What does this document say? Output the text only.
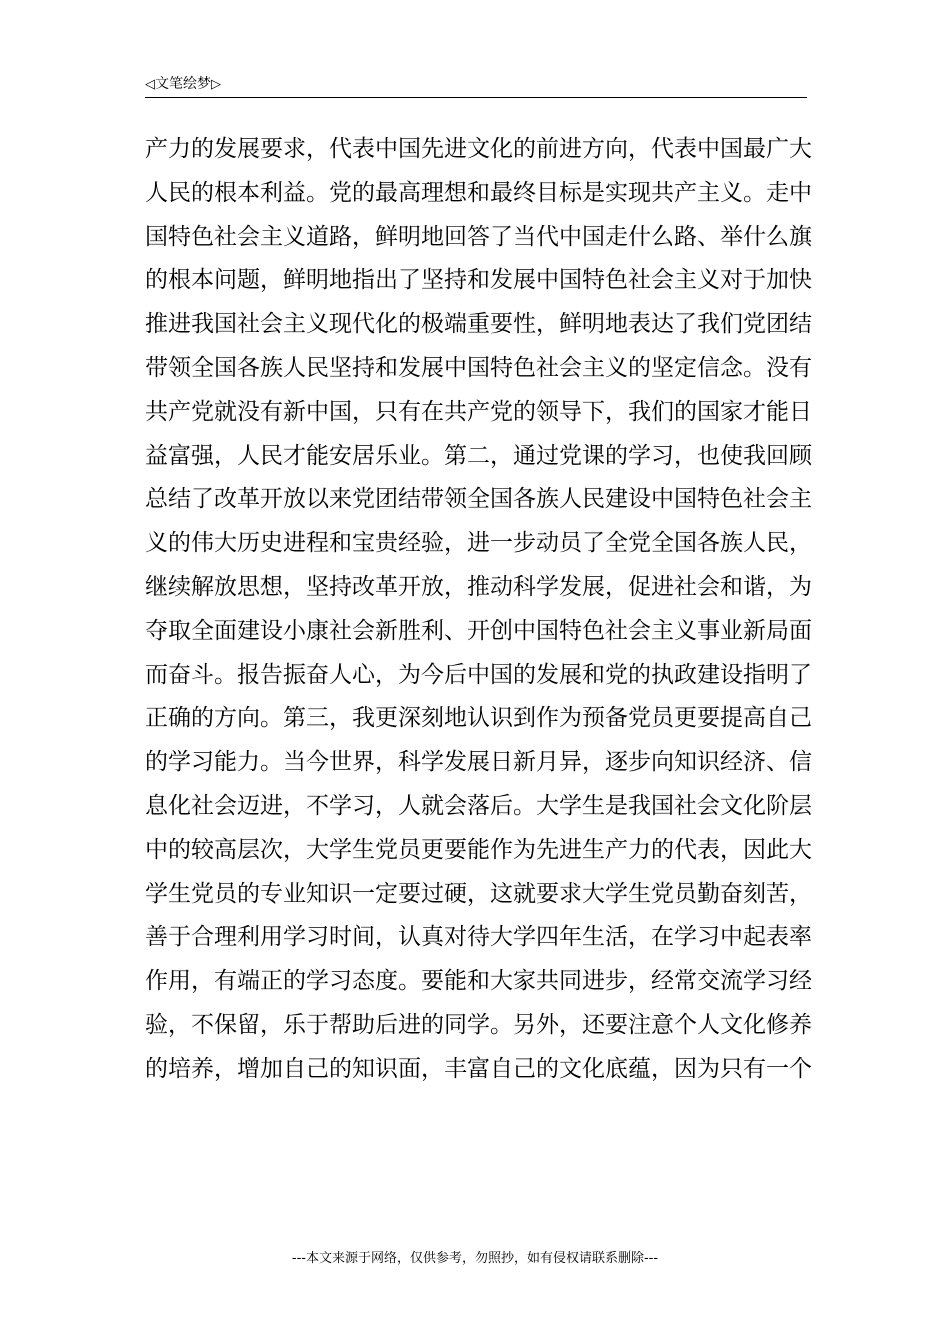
◁文笔绘梦▷
产力的发展要求，代表中国先进文化的前进方向，代表中国最广大
人民的根本利益。党的最高理想和最终目标是实现共产主义。走中
国特色社会主义道路，鲜明地回答了当代中国走什么路、举什么旗
的根本问题，鲜明地指出了坚持和发展中国特色社会主义对于加快
推进我国社会主义现代化的极端重要性，鲜明地表达了我们党团结
带领全国各族人民坚持和发展中国特色社会主义的坚定信念。没有
共产党就没有新中国，只有在共产党的领导下，我们的国家才能日
益富强，人民才能安居乐业。第二，通过党课的学习，也使我回顾
总结了改革开放以来党团结带领全国各族人民建设中国特色社会主
义的伟大历史进程和宝贵经验，进一步动员了全党全国各族人民，
继续解放思想，坚持改革开放，推动科学发展，促进社会和谐，为
夺取全面建设小康社会新胜利、开创中国特色社会主义事业新局面
而奋斗。报告振奋人心，为今后中国的发展和党的执政建设指明了
正确的方向。第三，我更深刻地认识到作为预备党员更要提高自己
的学习能力。当今世界，科学发展日新月异，逐步向知识经济、信
息化社会迈进，不学习，人就会落后。大学生是我国社会文化阶层
中的较高层次，大学生党员更要能作为先进生产力的代表，因此大
学生党员的专业知识一定要过硬，这就要求大学生党员勤奋刻苦，
善于合理利用学习时间，认真对待大学四年生活，在学习中起表率
作用，有端正的学习态度。要能和大家共同进步，经常交流学习经
验，不保留，乐于帮助后进的同学。另外，还要注意个人文化修养
的培养，增加自己的知识面，丰富自己的文化底蕴，因为只有一个
---本文来源于网络，仅供参考，勿照抄，如有侵权请联系删除---
